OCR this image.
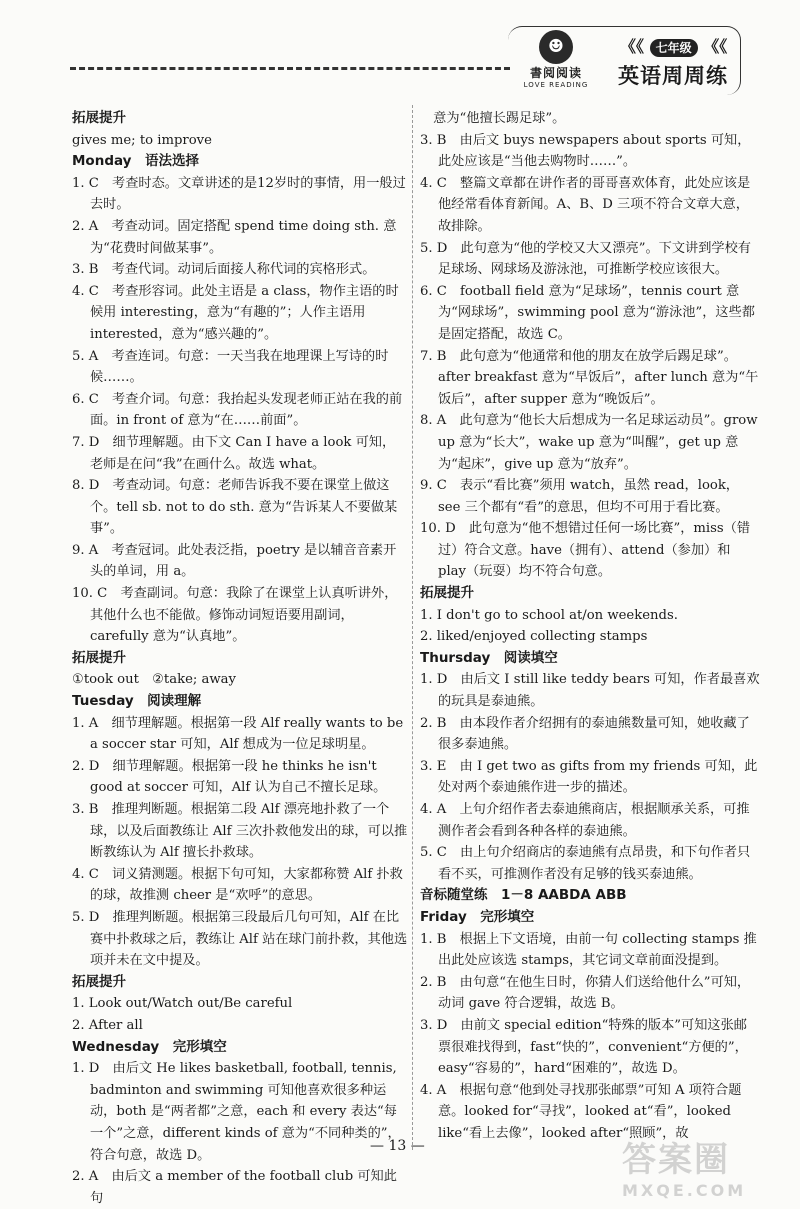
☻
書阅阅读
LOVE READING
《《 七年级 《《
英语周周练
拓展提升
gives me; to improve
Monday　语法选择
1. C　考查时态。文章讲述的是12岁时的事情，用一般过去时。
2. A　考查动词。固定搭配 spend time doing sth. 意为“花费时间做某事”。
3. B　考查代词。动词后面接人称代词的宾格形式。
4. C　考查形容词。此处主语是 a class，物作主语的时候用 interesting，意为“有趣的”；人作主语用 interested，意为“感兴趣的”。
5. A　考查连词。句意：一天当我在地理课上写诗的时候……。
6. C　考查介词。句意：我抬起头发现老师正站在我的前面。in front of 意为“在……前面”。
7. D　细节理解题。由下文 Can I have a look 可知，老师是在问“我”在画什么。故选 what。
8. D　考查动词。句意：老师告诉我不要在课堂上做这个。tell sb. not to do sth. 意为“告诉某人不要做某事”。
9. A　考查冠词。此处表泛指，poetry 是以辅音音素开头的单词，用 a。
10. C　考查副词。句意：我除了在课堂上认真听讲外，其他什么也不能做。修饰动词短语要用副词，carefully 意为“认真地”。
拓展提升
①took out　②take; away
Tuesday　阅读理解
1. A　细节理解题。根据第一段 Alf really wants to be a soccer star 可知，Alf 想成为一位足球明星。
2. D　细节理解题。根据第一段 he thinks he isn't good at soccer 可知，Alf 认为自己不擅长足球。
3. B　推理判断题。根据第二段 Alf 漂亮地扑救了一个球，以及后面教练让 Alf 三次扑救他发出的球，可以推断教练认为 Alf 擅长扑救球。
4. C　词义猜测题。根据下句可知，大家都称赞 Alf 扑救的球，故推测 cheer 是“欢呼”的意思。
5. D　推理判断题。根据第三段最后几句可知，Alf 在比赛中扑救球之后，教练让 Alf 站在球门前扑救，其他选项并未在文中提及。
拓展提升
1. Look out/Watch out/Be careful
2. After all
Wednesday　完形填空
1. D　由后文 He likes basketball, football, tennis, badminton and swimming 可知他喜欢很多种运动，both 是“两者都”之意，each 和 every 表达“每一个”之意，different kinds of 意为“不同种类的”，符合句意，故选 D。
2. A　由后文 a member of the football club 可知此句
　意为“他擅长踢足球”。
3. B　由后文 buys newspapers about sports 可知，此处应该是“当他去购物时……”。
4. C　整篇文章都在讲作者的哥哥喜欢体育，此处应该是他经常看体育新闻。A、B、D 三项不符合文章大意，故排除。
5. D　此句意为“他的学校又大又漂亮”。下文讲到学校有足球场、网球场及游泳池，可推断学校应该很大。
6. C　football field 意为“足球场”，tennis court 意为“网球场”，swimming pool 意为“游泳池”，这些都是固定搭配，故选 C。
7. B　此句意为“他通常和他的朋友在放学后踢足球”。after breakfast 意为“早饭后”，after lunch 意为“午饭后”，after supper 意为“晚饭后”。
8. A　此句意为“他长大后想成为一名足球运动员”。grow up 意为“长大”，wake up 意为“叫醒”，get up 意为“起床”，give up 意为“放弃”。
9. C　表示“看比赛”须用 watch，虽然 read，look，see 三个都有“看”的意思，但均不可用于看比赛。
10. D　此句意为“他不想错过任何一场比赛”，miss（错过）符合文意。have（拥有）、attend（参加）和 play（玩耍）均不符合句意。
拓展提升
1. I don't go to school at/on weekends.
2. liked/enjoyed collecting stamps
Thursday　阅读填空
1. D　由后文 I still like teddy bears 可知，作者最喜欢的玩具是泰迪熊。
2. B　由本段作者介绍拥有的泰迪熊数量可知，她收藏了很多泰迪熊。
3. E　由 I get two as gifts from my friends 可知，此处对两个泰迪熊作进一步的描述。
4. A　上句介绍作者去泰迪熊商店，根据顺承关系，可推测作者会看到各种各样的泰迪熊。
5. C　由上句介绍商店的泰迪熊有点昂贵，和下句作者只看不买，可推测作者没有足够的钱买泰迪熊。
音标随堂练　1－8 AABDA ABB
Friday　完形填空
1. B　根据上下文语境，由前一句 collecting stamps 推出此处应该选 stamps，其它词文章前面没提到。
2. B　由句意“在他生日时，你猜人们送给他什么”可知，动词 gave 符合逻辑，故选 B。
3. D　由前文 special edition“特殊的版本”可知这张邮票很难找得到，fast“快的”，convenient“方便的”，easy“容易的”，hard“困难的”，故选 D。
4. A　根据句意“他到处寻找那张邮票”可知 A 项符合题意。looked for“寻找”，looked at“看”，looked like“看上去像”，looked after“照顾”，故
— 13 —	答案圈
MXQE.COM
